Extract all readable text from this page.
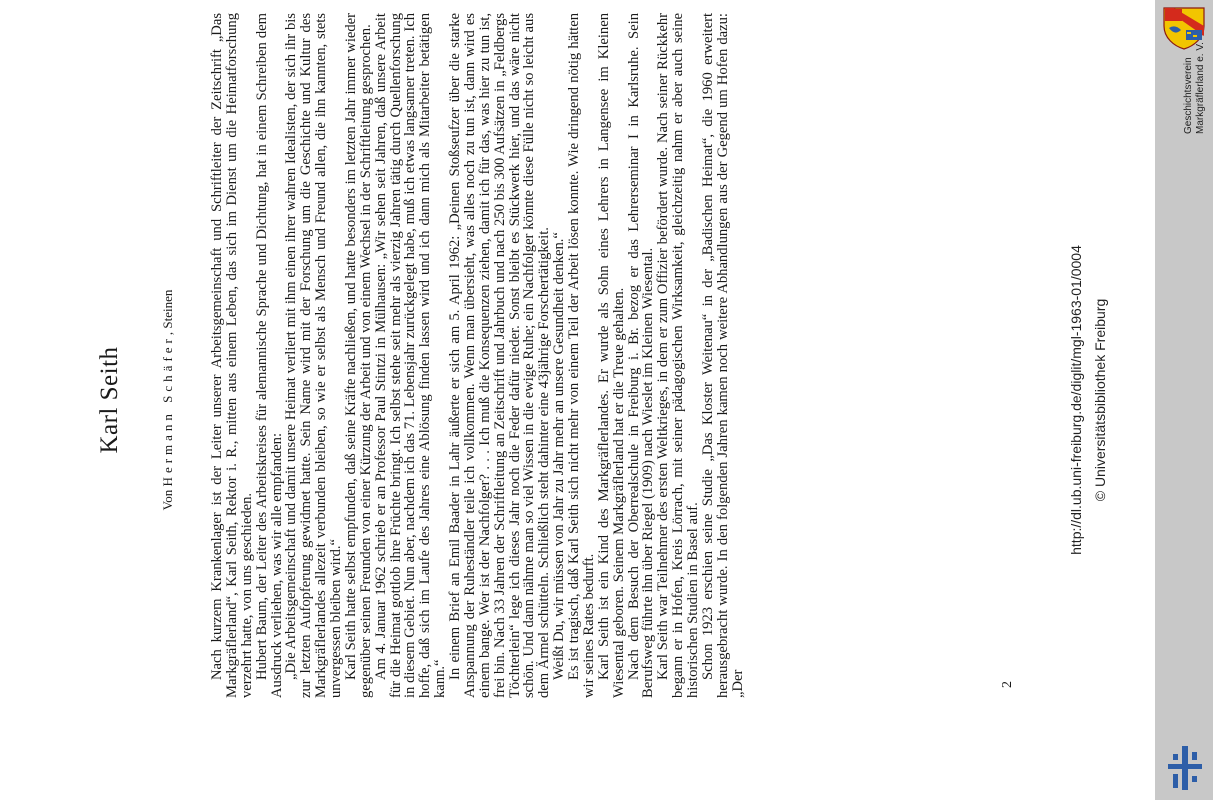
Karl Seith
Von Hermann Schäfer, Steinen Nach kurzem Krankenlager ist der Leiter unserer Arbeitsgemeinschaft und Schriftleiter der Zeitschrift „Das Markgräflerland“, Karl Seith, Rektor i. R., mitten aus einem Leben, das sich im Dienst um die Heimatforschung verzehrt hatte, von uns geschieden.

Hubert Baum, der Leiter des Arbeitskreises für alemannische Sprache und Dichtung, hat in einem Schreiben dem Ausdruck verliehen, was wir alle empfanden:

„Die Arbeitsgemeinschaft und damit unsere Heimat verliert mit ihm einen ihrer wahren Idealisten, der sich ihr bis zur letzten Aufopferung gewidmet hatte. Sein Name wird mit der Forschung um die Geschichte und Kultur des Markgräflerlandes allezeit verbunden bleiben, so wie er selbst als Mensch und Freund allen, die ihn kannten, stets unvergessen bleiben wird.“

Karl Seith hatte selbst empfunden, daß seine Kräfte nachließen, und hatte besonders im letzten Jahr immer wieder gegenüber seinen Freunden von einer Kürzung der Arbeit und von einem Wechsel in der Schriftleitung gesprochen.

Am 4. Januar 1962 schrieb er an Professor Paul Stintzi in Mülhausen: „Wir sehen seit Jahren, daß unsere Arbeit für die Heimat gottlob ihre Früchte bringt. Ich selbst stehe seit mehr als vierzig Jahren tätig durch Quellenforschung in diesem Gebiet. Nun aber, nachdem ich das 71. Lebensjahr zurückgelegt habe, muß ich etwas langsamer treten. Ich hoffe, daß sich im Laufe des Jahres eine Ablösung finden lassen wird und ich dann mich als Mitarbeiter betätigen kann.“

In einem Brief an Emil Baader in Lahr äußerte er sich am 5. April 1962: „Deinen Stoßseufzer über die starke Anspannung der Ruheständler teile ich vollkommen. Wenn man übersieht, was alles noch zu tun ist, dann wird es einem bange. Wer ist der Nachfolger? . . . Ich muß die Konsequenzen ziehen, damit ich für das, was hier zu tun ist, frei bin. Nach 33 Jahren der Schriftleitung an Zeitschrift und Jahrbuch und nach 250 bis 300 Aufsätzen in „Feldbergs Töchterlein“ lege ich dieses Jahr noch die Feder dafür nieder. Sonst bleibt es Stückwerk hier, und das wäre nicht schön. Und dann nähme man so viel Wissen in die ewige Ruhe; ein Nachfolger könnte diese Fülle nicht so leicht aus dem Ärmel schütteln. Schließlich steht dahinter eine 43jährige Forschertätigkeit.

Weißt Du, wir müssen von Jahr zu Jahr mehr an unsere Gesundheit denken.“

Es ist tragisch, daß Karl Seith sich nicht mehr von einem Teil der Arbeit lösen konnte. Wie dringend nötig hätten wir seines Rates bedurft.

Karl Seith ist ein Kind des Markgräflerlandes. Er wurde als Sohn eines Lehrers in Langensee im Kleinen Wiesental geboren. Seinem Markgräflerland hat er die Treue gehalten.

Nach dem Besuch der Oberrealschule in Freiburg i. Br. bezog er das Lehrerseminar I in Karlsruhe. Sein Berufsweg führte ihn über Riegel (1909) nach Wieslet im Kleinen Wiesental.

Karl Seith war Teilnehmer des ersten Weltkrieges, in dem er zum Offizier befördert wurde. Nach seiner Rückkehr begann er in Hofen, Kreis Lörrach, mit seiner pädagogischen Wirksamkeit, gleichzeitig nahm er aber auch seine historischen Studien in Basel auf.

Schon 1923 erschien seine Studie „Das Kloster Weitenau“ in der „Badischen Heimat“, die 1960 erweitert herausgebracht wurde. In den folgenden Jahren kamen noch weitere Abhandlungen aus der Gegend um Hofen dazu: „Der	2
http://dl.ub.uni-freiburg.de/diglit/mgl-1963-01/0004 © Universitätsbibliothek Freiburg
Geschichtsverein Markgräflerland e. V.
